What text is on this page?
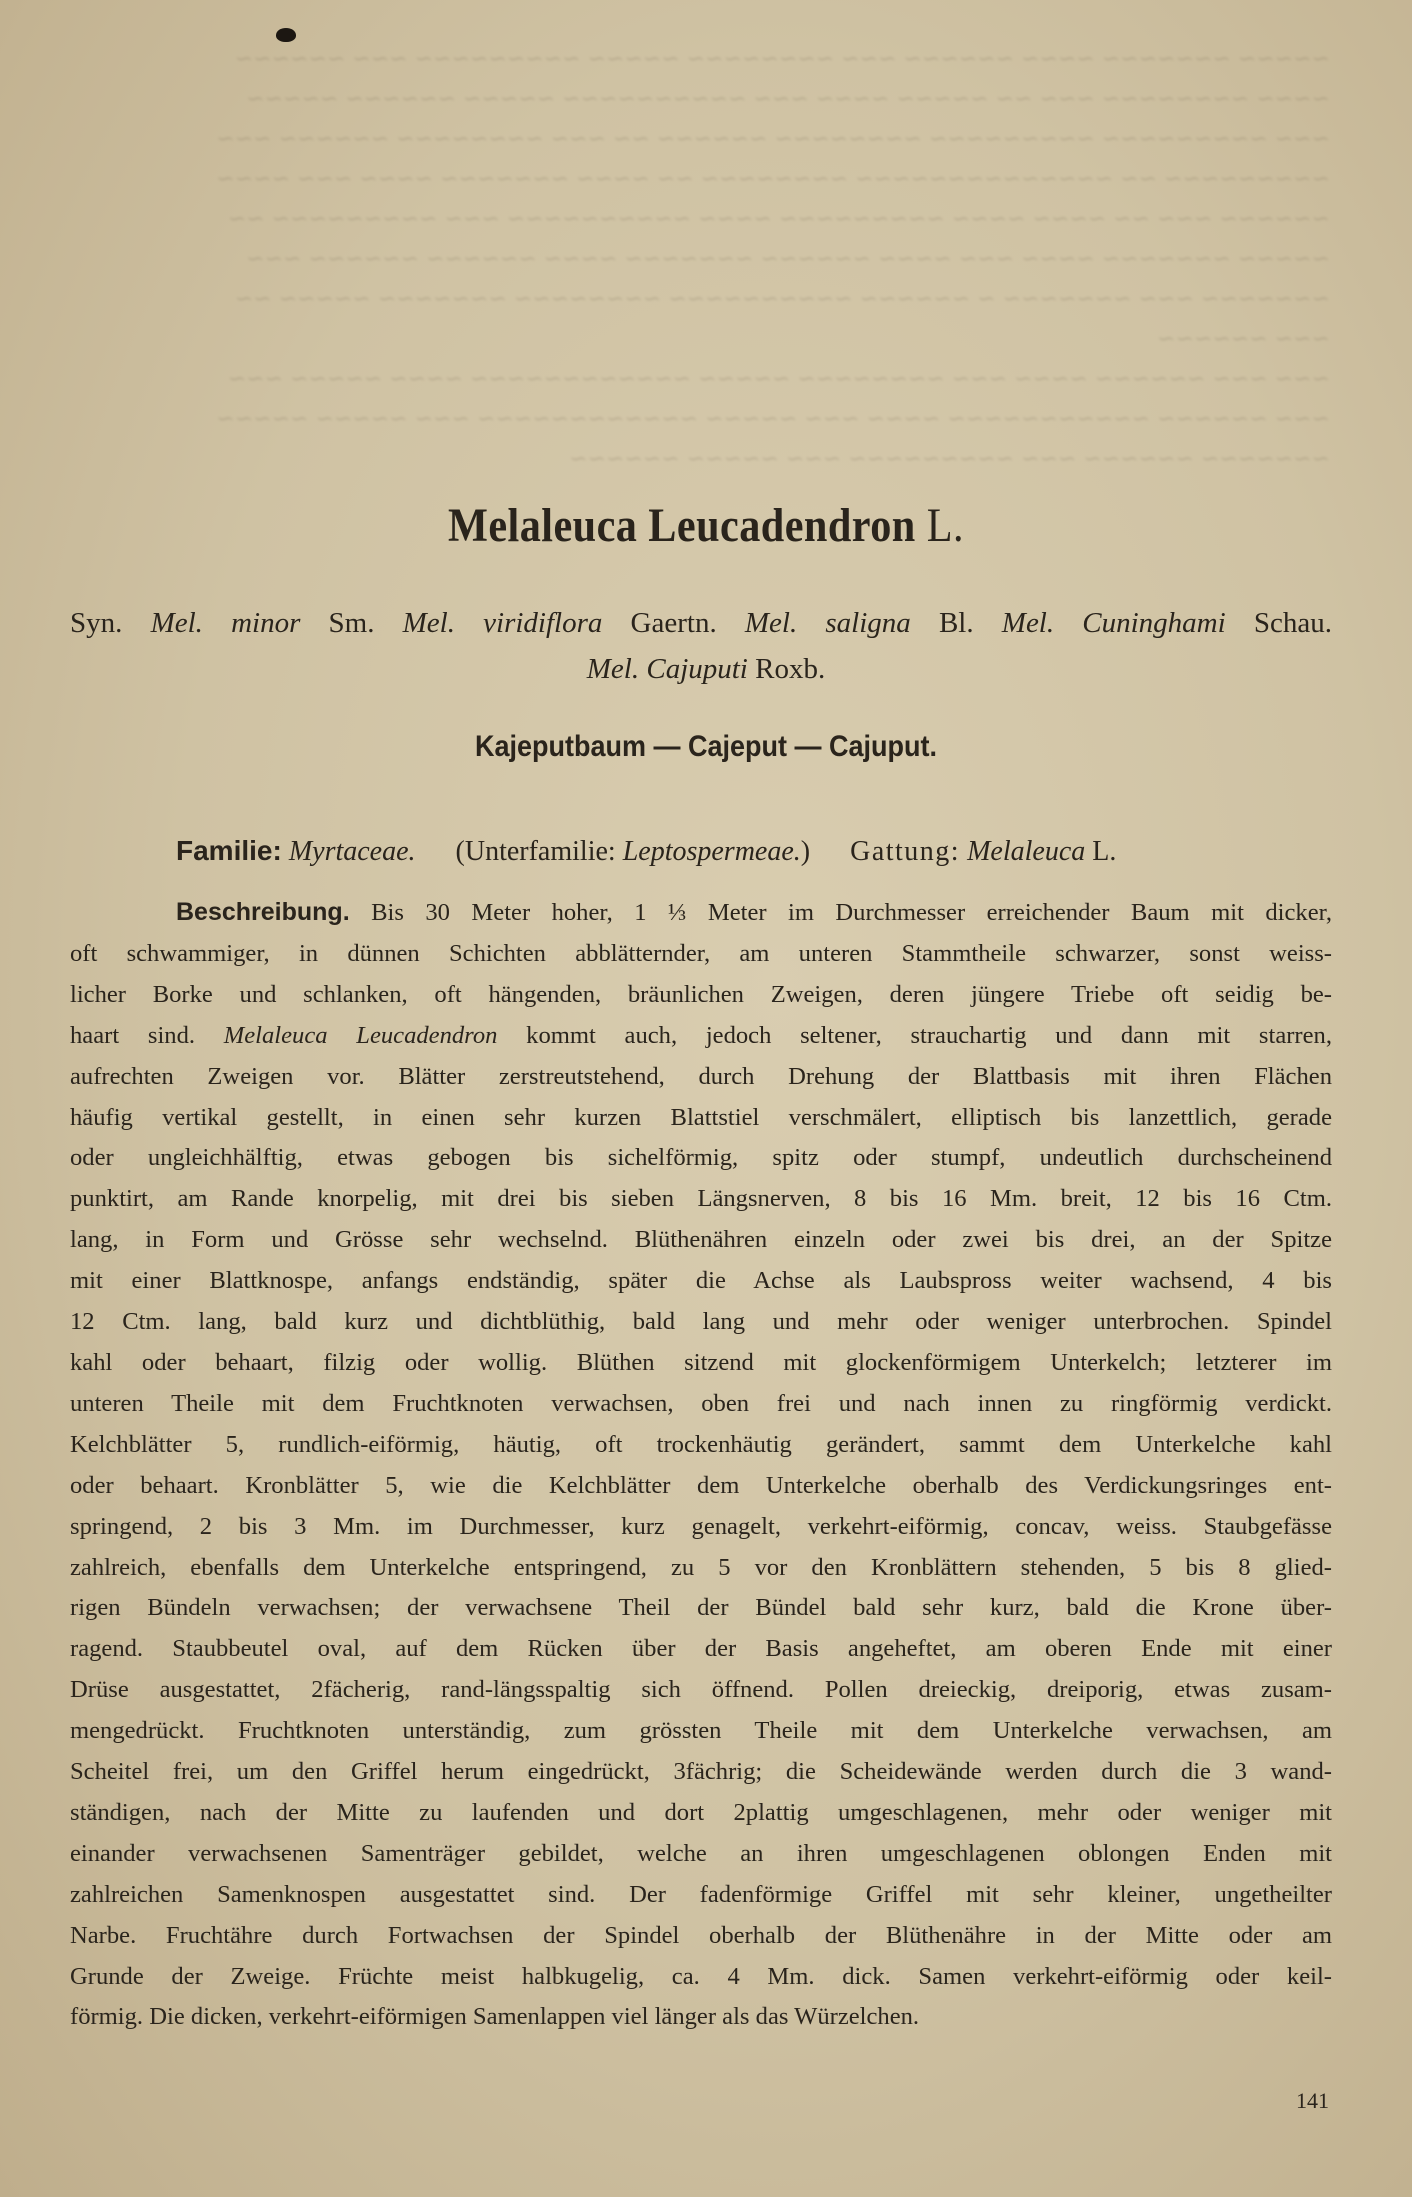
~~~~~ ~~~~~~~ ~~~~ ~~~~~~ ~~~ ~~~~~~~~ ~~~~~ ~~~~~~~~~ ~~~ ~~~~~~
~~~~ ~~~~~~~~ ~~~ ~~ ~~~~~ ~~~~ ~~~ ~~~~~~~~~~ ~~~~~ ~~~~~~ ~~~~~
~~~ ~~~~~~~~~ ~~~~~~~~~ ~~~~~~~~ ~~~~~~ ~~ ~~~ ~~~~~~~~ ~~~~~~ ~~~
~~~~~~~~~ ~~ ~~~~~~~~~~~~~~ ~~~~~~~~ ~~ ~~~~ ~~~~~~~ ~~~~ ~~~ ~~~~
~~~~~~ ~~~ ~~ ~~~~ ~~~~ ~~~~~~~~~ ~~~~ ~~~~~~~~~~ ~~~ ~~~~~~~~~ ~~
~~~~~ ~~~~~~~ ~~~~ ~~~ ~~~~ ~~~~~~ ~~~~~~~ ~~~~ ~~~~~~ ~~~~~~ ~~~
~~~~~~~ ~~~ ~~~~~~~ ~ ~~~~~~ ~~~~~~~~~~ ~~~~~~~~ ~~~~~~~ ~~~~~ ~~
~~~ ~~~~~~
~~~ ~~~ ~~~~~~ ~~~~ ~~~ ~~~~~~~~ ~~~~~ ~~~~~~~~~~~~ ~~~~ ~~~~~ ~~~
~~~ ~~~~~~ ~~~~~~~~~~~ ~~~~ ~~~ ~~~~~ ~~~~~~~~~~~~ ~~~ ~~~~~ ~~~~~
~~~~~~~ ~~~~~~ ~~~ ~~~~~~~~~ ~~~ ~~~~~ ~~~~~~
Melaleuca Leucadendron L.
Syn. Mel. minor Sm. Mel. viridiflora Gaertn. Mel. saligna Bl. Mel. Cuninghami Schau.
Mel. Cajuputi Roxb.
Kajeputbaum — Cajeput — Cajuput.
Familie: Myrtaceae. (Unterfamilie: Leptospermeae.) Gattung: Melaleuca L.
Beschreibung. Bis 30 Meter hoher, 1 ⅓ Meter im Durchmesser erreichender Baum mit dicker,
oft schwammiger, in dünnen Schichten abblätternder, am unteren Stammtheile schwarzer, sonst weiss-
licher Borke und schlanken, oft hängenden, bräunlichen Zweigen, deren jüngere Triebe oft seidig be-
haart sind. Melaleuca Leucadendron kommt auch, jedoch seltener, strauchartig und dann mit starren,
aufrechten Zweigen vor. Blätter zerstreutstehend, durch Drehung der Blattbasis mit ihren Flächen
häufig vertikal gestellt, in einen sehr kurzen Blattstiel verschmälert, elliptisch bis lanzettlich, gerade
oder ungleichhälftig, etwas gebogen bis sichelförmig, spitz oder stumpf, undeutlich durchscheinend
punktirt, am Rande knorpelig, mit drei bis sieben Längsnerven, 8 bis 16 Mm. breit, 12 bis 16 Ctm.
lang, in Form und Grösse sehr wechselnd. Blüthenähren einzeln oder zwei bis drei, an der Spitze
mit einer Blattknospe, anfangs endständig, später die Achse als Laubspross weiter wachsend, 4 bis
12 Ctm. lang, bald kurz und dichtblüthig, bald lang und mehr oder weniger unterbrochen. Spindel
kahl oder behaart, filzig oder wollig. Blüthen sitzend mit glockenförmigem Unterkelch; letzterer im
unteren Theile mit dem Fruchtknoten verwachsen, oben frei und nach innen zu ringförmig verdickt.
Kelchblätter 5, rundlich-eiförmig, häutig, oft trockenhäutig gerändert, sammt dem Unterkelche kahl
oder behaart. Kronblätter 5, wie die Kelchblätter dem Unterkelche oberhalb des Verdickungsringes ent-
springend, 2 bis 3 Mm. im Durchmesser, kurz genagelt, verkehrt-eiförmig, concav, weiss. Staubgefässe
zahlreich, ebenfalls dem Unterkelche entspringend, zu 5 vor den Kronblättern stehenden, 5 bis 8 glied-
rigen Bündeln verwachsen; der verwachsene Theil der Bündel bald sehr kurz, bald die Krone über-
ragend. Staubbeutel oval, auf dem Rücken über der Basis angeheftet, am oberen Ende mit einer
Drüse ausgestattet, 2fächerig, rand-längsspaltig sich öffnend. Pollen dreieckig, dreiporig, etwas zusam-
mengedrückt. Fruchtknoten unterständig, zum grössten Theile mit dem Unterkelche verwachsen, am
Scheitel frei, um den Griffel herum eingedrückt, 3fächrig; die Scheidewände werden durch die 3 wand-
ständigen, nach der Mitte zu laufenden und dort 2plattig umgeschlagenen, mehr oder weniger mit
einander verwachsenen Samenträger gebildet, welche an ihren umgeschlagenen oblongen Enden mit
zahlreichen Samenknospen ausgestattet sind. Der fadenförmige Griffel mit sehr kleiner, ungetheilter
Narbe. Fruchtähre durch Fortwachsen der Spindel oberhalb der Blüthenähre in der Mitte oder am
Grunde der Zweige. Früchte meist halbkugelig, ca. 4 Mm. dick. Samen verkehrt-eiförmig oder keil-
förmig. Die dicken, verkehrt-eiförmigen Samenlappen viel länger als das Würzelchen.
141
